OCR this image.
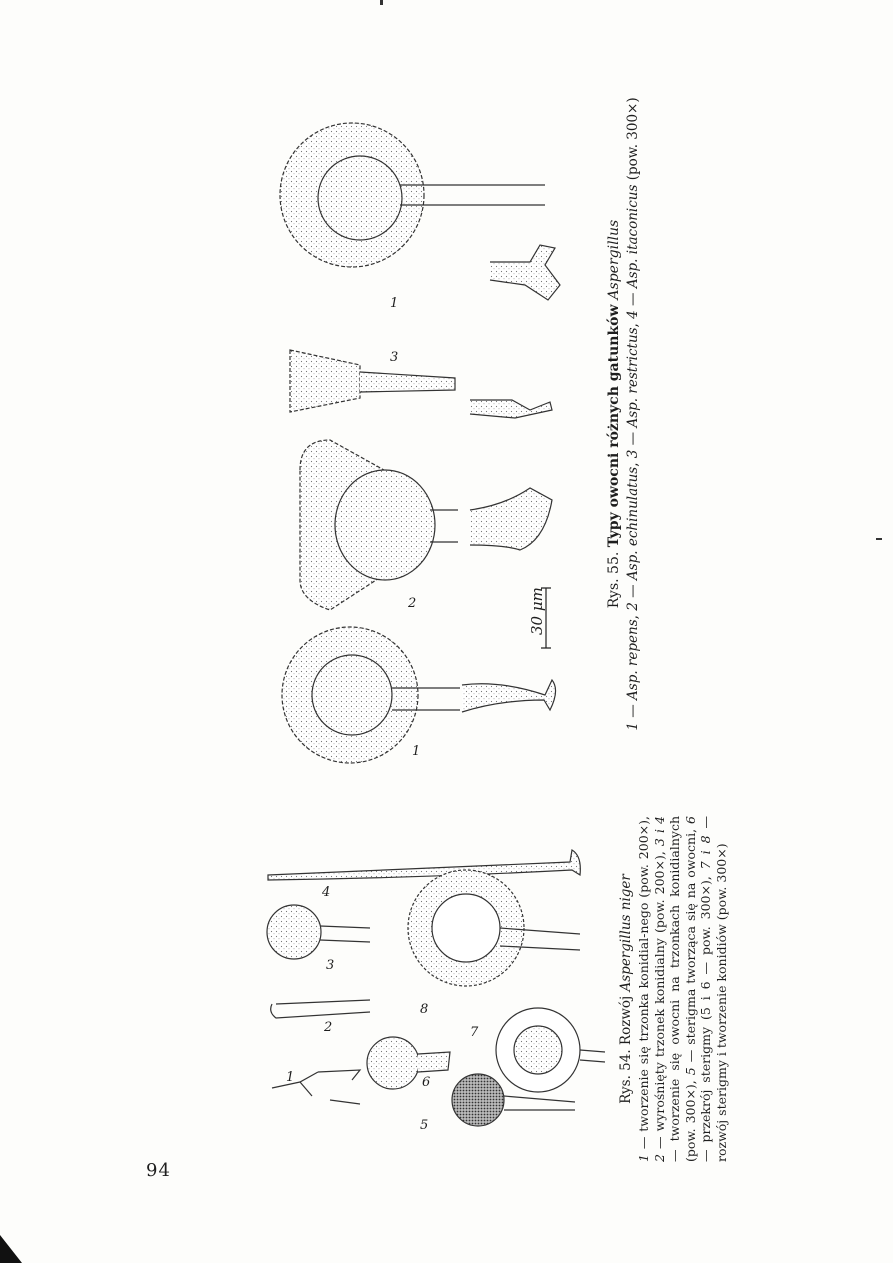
94
Rys. 54. Rozwój Aspergillus niger
1 — tworzenie się trzonka konidial-nego (pow. 200×), 2 — wyrośnięty trzonek konidialny (pow. 200×), 3 i 4 — tworzenie się owocni na trzonkach konidialnych (pow. 300×), 5 — sterigma tworząca się na owocni, 6 — przekrój sterigmy (5 i 6 — pow. 300×), 7 i 8 — rozwój sterigmy i tworzenie konidiów (pow. 300×)
Rys. 55. Typy owocni różnych gatunków Aspergillus
1 — Asp. repens, 2 — Asp. echinulatus, 3 — Asp. restrictus, 4 — Asp. itaconicus (pow. 300×)
1
2
3
4
5
6
7
8
1
2
3
1
30 μm
